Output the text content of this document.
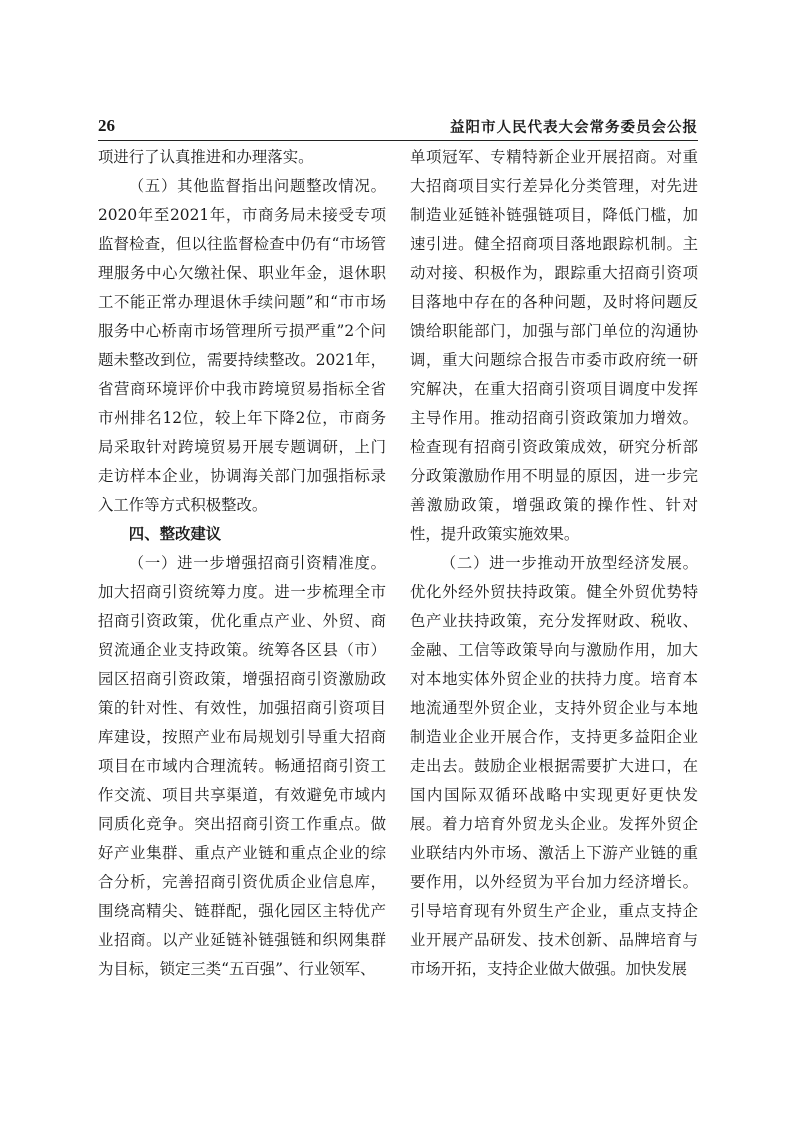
26	益阳市人民代表大会常务委员会公报

项进行了认真推进和办理落实。

（五）其他监督指出问题整改情况。2020年至2021年，市商务局未接受专项监督检查，但以往监督检查中仍有“市场管理服务中心欠缴社保、职业年金，退休职工不能正常办理退休手续问题”和“市市场服务中心桥南市场管理所亏损严重”2个问题未整改到位，需要持续整改。2021年，省营商环境评价中我市跨境贸易指标全省市州排名12位，较上年下降2位，市商务局采取针对跨境贸易开展专题调研，上门走访样本企业，协调海关部门加强指标录入工作等方式积极整改。

四、整改建议

（一）进一步增强招商引资精准度。加大招商引资统筹力度。进一步梳理全市招商引资政策，优化重点产业、外贸、商贸流通企业支持政策。统筹各区县（市）园区招商引资政策，增强招商引资激励政策的针对性、有效性，加强招商引资项目库建设，按照产业布局规划引导重大招商项目在市域内合理流转。畅通招商引资工作交流、项目共享渠道，有效避免市域内同质化竞争。突出招商引资工作重点。做好产业集群、重点产业链和重点企业的综合分析，完善招商引资优质企业信息库，围绕高精尖、链群配，强化园区主特优产业招商。以产业延链补链强链和织网集群为目标，锁定三类“五百强”、行业领军、

单项冠军、专精特新企业开展招商。对重大招商项目实行差异化分类管理，对先进制造业延链补链强链项目，降低门槛，加速引进。健全招商项目落地跟踪机制。主动对接、积极作为，跟踪重大招商引资项目落地中存在的各种问题，及时将问题反馈给职能部门，加强与部门单位的沟通协调，重大问题综合报告市委市政府统一研究解决，在重大招商引资项目调度中发挥主导作用。推动招商引资政策加力增效。检查现有招商引资政策成效，研究分析部分政策激励作用不明显的原因，进一步完善激励政策，增强政策的操作性、针对性，提升政策实施效果。

（二）进一步推动开放型经济发展。优化外经外贸扶持政策。健全外贸优势特色产业扶持政策，充分发挥财政、税收、金融、工信等政策导向与激励作用，加大对本地实体外贸企业的扶持力度。培育本地流通型外贸企业，支持外贸企业与本地制造业企业开展合作，支持更多益阳企业走出去。鼓励企业根据需要扩大进口，在国内国际双循环战略中实现更好更快发展。着力培育外贸龙头企业。发挥外贸企业联结内外市场、激活上下游产业链的重要作用，以外经贸为平台加力经济增长。引导培育现有外贸生产企业，重点支持企业开展产品研发、技术创新、品牌培育与市场开拓，支持企业做大做强。加快发展
